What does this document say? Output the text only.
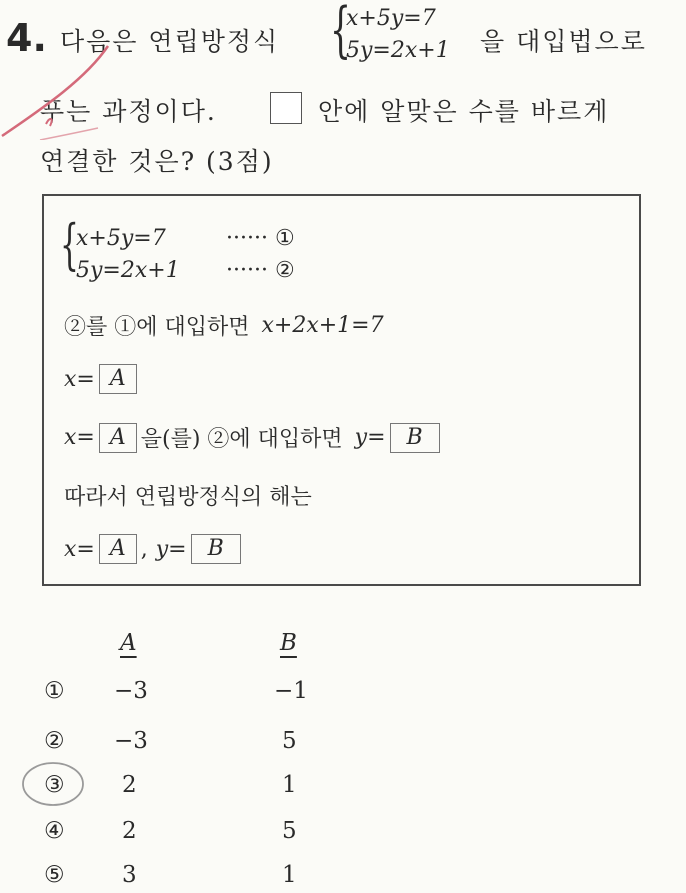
4. 다음은 연립방정식 {
x+5y=7
5y=2x+1 을 대입법으로
푸는 과정이다.	안에 알맞은 수를 바르게
연결한 것은? (3점)
{
x+5y=7	······ ①
5y=2x+1	······ ②
②를 ①에 대입하면 x+2x+1=7
x= A
x= A 을(를) ②에 대입하면 y= B
따라서 연립방정식의 해는
x= A , y= B
A	B
① −3	−1
② −3	5
③ 2	1
④ 2	5
⑤ 3	1
